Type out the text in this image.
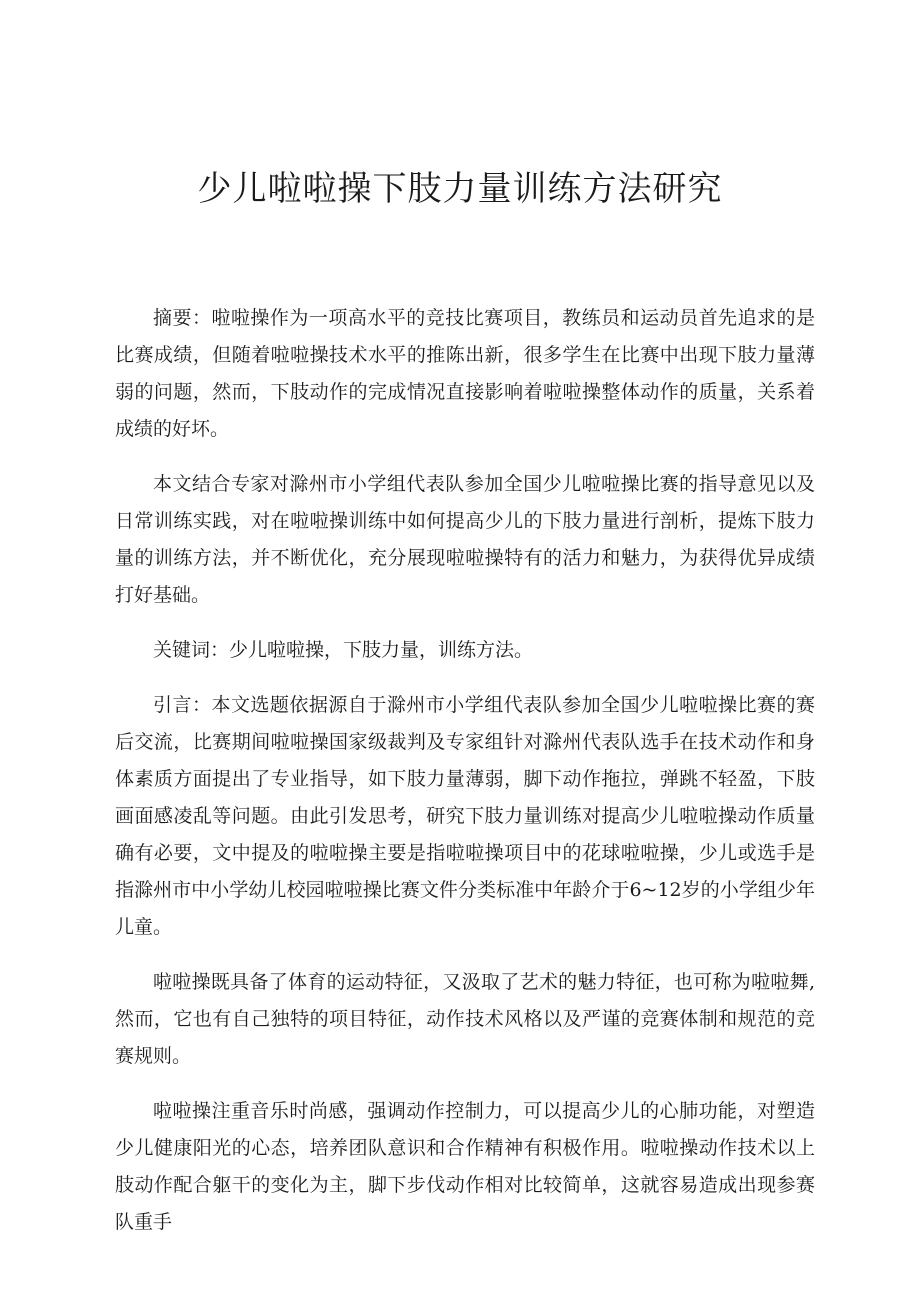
少儿啦啦操下肢力量训练方法研究

摘要：啦啦操作为一项高水平的竞技比赛项目，教练员和运动员首先追求的是比赛成绩，但随着啦啦操技术水平的推陈出新，很多学生在比赛中出现下肢力量薄弱的问题，然而，下肢动作的完成情况直接影响着啦啦操整体动作的质量，关系着成绩的好坏。

本文结合专家对滁州市小学组代表队参加全国少儿啦啦操比赛的指导意见以及日常训练实践，对在啦啦操训练中如何提高少儿的下肢力量进行剖析，提炼下肢力量的训练方法，并不断优化，充分展现啦啦操特有的活力和魅力，为获得优异成绩打好基础。

关键词：少儿啦啦操，下肢力量，训练方法。

引言：本文选题依据源自于滁州市小学组代表队参加全国少儿啦啦操比赛的赛后交流，比赛期间啦啦操国家级裁判及专家组针对滁州代表队选手在技术动作和身体素质方面提出了专业指导，如下肢力量薄弱，脚下动作拖拉，弹跳不轻盈，下肢画面感凌乱等问题。由此引发思考，研究下肢力量训练对提高少儿啦啦操动作质量确有必要，文中提及的啦啦操主要是指啦啦操项目中的花球啦啦操，少儿或选手是指滁州市中小学幼儿校园啦啦操比赛文件分类标准中年龄介于6~12岁的小学组少年儿童。

啦啦操既具备了体育的运动特征，又汲取了艺术的魅力特征，也可称为啦啦舞,然而，它也有自己独特的项目特征，动作技术风格以及严谨的竞赛体制和规范的竞赛规则。

啦啦操注重音乐时尚感，强调动作控制力，可以提高少儿的心肺功能，对塑造少儿健康阳光的心态，培养团队意识和合作精神有积极作用。啦啦操动作技术以上肢动作配合躯干的变化为主，脚下步伐动作相对比较简单，这就容易造成出现参赛队重手
